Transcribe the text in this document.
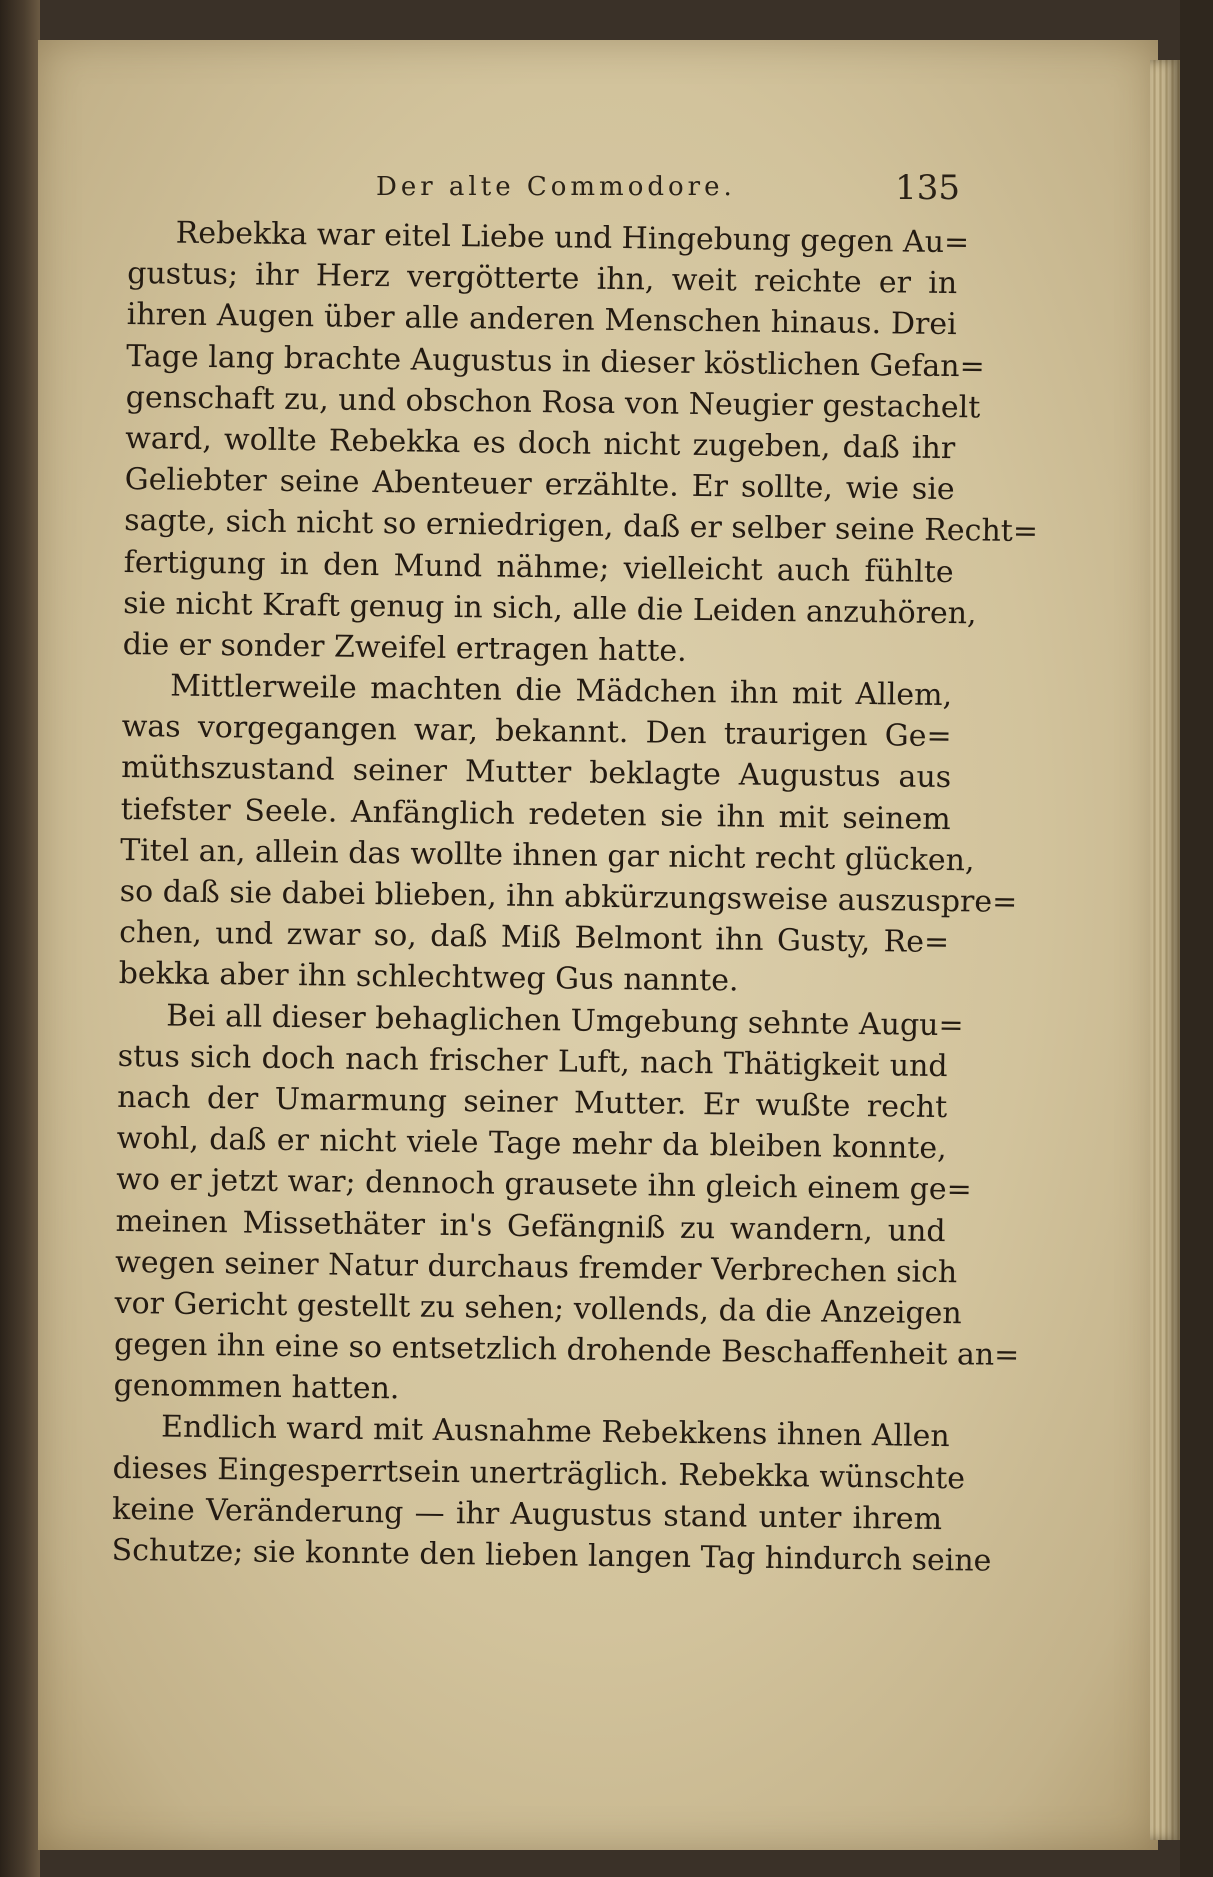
Der alte Commodore.	135
Rebekka war eitel Liebe und Hingebung gegen Au=
gustus; ihr Herz vergötterte ihn, weit reichte er in
ihren Augen über alle anderen Menschen hinaus. Drei
Tage lang brachte Augustus in dieser köstlichen Gefan=
genschaft zu, und obschon Rosa von Neugier gestachelt
ward, wollte Rebekka es doch nicht zugeben, daß ihr
Geliebter seine Abenteuer erzählte. Er sollte, wie sie
sagte, sich nicht so erniedrigen, daß er selber seine Recht=
fertigung in den Mund nähme; vielleicht auch fühlte
sie nicht Kraft genug in sich, alle die Leiden anzuhören,
die er sonder Zweifel ertragen hatte.
Mittlerweile machten die Mädchen ihn mit Allem,
was vorgegangen war, bekannt. Den traurigen Ge=
müthszustand seiner Mutter beklagte Augustus aus
tiefster Seele. Anfänglich redeten sie ihn mit seinem
Titel an, allein das wollte ihnen gar nicht recht glücken,
so daß sie dabei blieben, ihn abkürzungsweise auszuspre=
chen, und zwar so, daß Miß Belmont ihn Gusty, Re=
bekka aber ihn schlechtweg Gus nannte.
Bei all dieser behaglichen Umgebung sehnte Augu=
stus sich doch nach frischer Luft, nach Thätigkeit und
nach der Umarmung seiner Mutter. Er wußte recht
wohl, daß er nicht viele Tage mehr da bleiben konnte,
wo er jetzt war; dennoch grausete ihn gleich einem ge=
meinen Missethäter in's Gefängniß zu wandern, und
wegen seiner Natur durchaus fremder Verbrechen sich
vor Gericht gestellt zu sehen; vollends, da die Anzeigen
gegen ihn eine so entsetzlich drohende Beschaffenheit an=
genommen hatten.
Endlich ward mit Ausnahme Rebekkens ihnen Allen
dieses Eingesperrtsein unerträglich. Rebekka wünschte
keine Veränderung — ihr Augustus stand unter ihrem
Schutze; sie konnte den lieben langen Tag hindurch seine
